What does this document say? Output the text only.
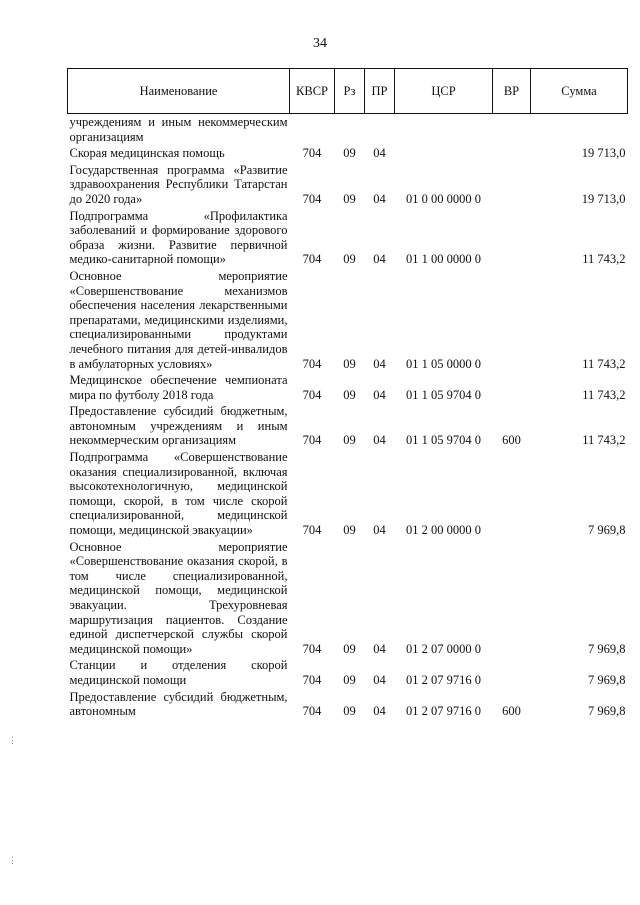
34
Наименование	КВСР	Рз	ПР	ЦСР	ВР	Сумма
учреждениям и иным некоммерческим организациям						
Скорая медицинская помощь	704	09	04			19 713,0
Государственная программа «Развитие здравоохранения Республики Татарстан до 2020 года»	704	09	04	01 0 00 0000 0		19 713,0
Подпрограмма «Профилактика заболеваний и формирование здорового образа жизни. Развитие первичной медико-санитарной помощи»	704	09	04	01 1 00 0000 0		11 743,2
Основное мероприятие «Совершенствование механизмов обеспечения населения лекарственными препаратами, медицинскими изделиями, специализированными продуктами лечебного питания для детей-инвалидов в амбулаторных условиях»	704	09	04	01 1 05 0000 0		11 743,2
Медицинское обеспечение чемпионата мира по футболу 2018 года	704	09	04	01 1 05 9704 0		11 743,2
Предоставление субсидий бюджетным, автономным учреждениям и иным некоммерческим организациям	704	09	04	01 1 05 9704 0	600	11 743,2
Подпрограмма «Совершенствование оказания специализированной, включая высокотехнологичную, медицинской помощи, скорой, в том числе скорой специализированной, медицинской помощи, медицинской эвакуации»	704	09	04	01 2 00 0000 0		7 969,8
Основное мероприятие «Совершенствование оказания скорой, в том числе специализированной, медицинской помощи, медицинской эвакуации. Трехуровневая маршрутизация пациентов. Создание единой диспетчерской службы скорой медицинской помощи»	704	09	04	01 2 07 0000 0		7 969,8
Станции и отделения скорой медицинской помощи	704	09	04	01 2 07 9716 0		7 969,8
Предоставление субсидий бюджетным, автономным	704	09	04	01 2 07 9716 0	600	7 969,8
⋮
⋮
